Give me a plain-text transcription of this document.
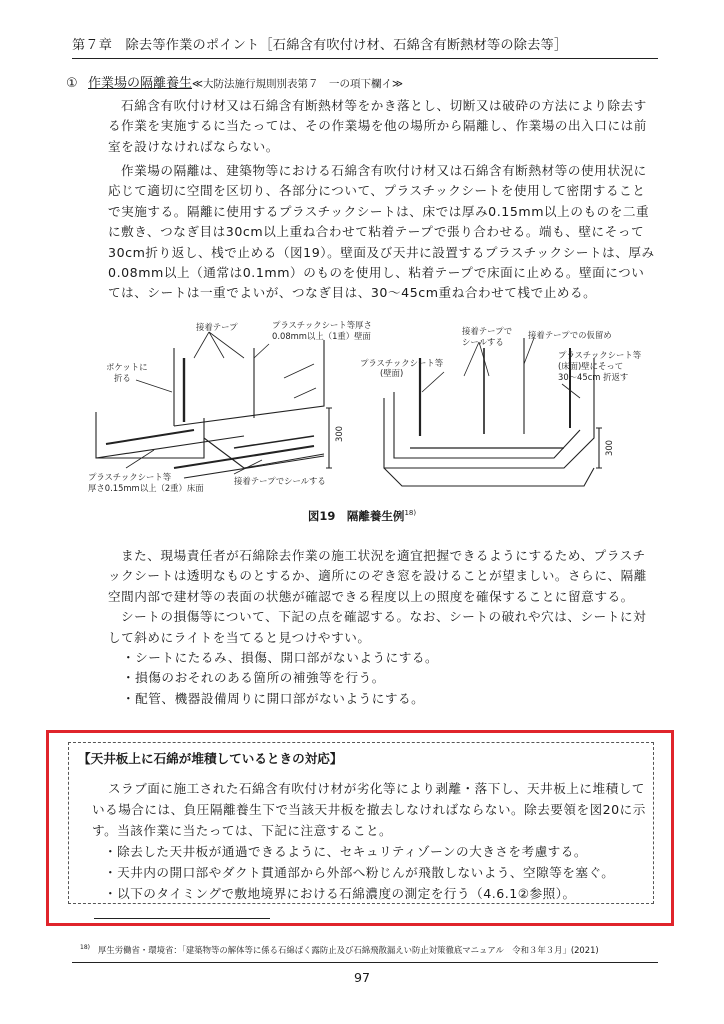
第７章　除去等作業のポイント［石綿含有吹付け材、石綿含有断熱材等の除去等］
① 作業場の隔離養生≪大防法施行規則別表第７　一の項下欄イ≫

石綿含有吹付け材又は石綿含有断熱材等をかき落とし、切断又は破砕の方法により除去する作業を実施するに当たっては、その作業場を他の場所から隔離し、作業場の出入口には前室を設けなければならない。

作業場の隔離は、建築物等における石綿含有吹付け材又は石綿含有断熱材等の使用状況に応じて適切に空間を区切り、各部分について、プラスチックシートを使用して密閉することで実施する。隔離に使用するプラスチックシートは、床では厚み0.15mm以上のものを二重に敷き、つなぎ目は30cm以上重ね合わせて粘着テープで張り合わせる。端も、壁にそって30cm折り返し、桟で止める（図19）。壁面及び天井に設置するプラスチックシートは、厚み0.08mm以上（通常は0.1mm）のものを使用し、粘着テープで床面に止める。壁面については、シートは一重でよいが、つなぎ目は、30～45cm重ね合わせて桟で止める。

接着テープ	プラスチックシート等厚さ
0.08mm以上（1重）壁面
ポケットに
折る
プラスチックシート等
厚さ0.15mm以上（2重）床面
接着テープでシールする
300
接着テープで
シールする
接着テープでの仮留め
プラスチックシート等
(壁面)
プラスチックシート等
(床面)壁にそって
30～45cm 折返す
300
図19　隔離養生例$^{18)}$

また、現場責任者が石綿除去作業の施工状況を適宜把握できるようにするため、プラスチックシートは透明なものとするか、適所にのぞき窓を設けることが望ましい。さらに、隔離空間内部で建材等の表面の状態が確認できる程度以上の照度を確保することに留意する。

シートの損傷等について、下記の点を確認する。なお、シートの破れや穴は、シートに対して斜めにライトを当てると見つけやすい。

・シートにたるみ、損傷、開口部がないようにする。
・損傷のおそれのある箇所の補強等を行う。
・配管、機器設備周りに開口部がないようにする。
【天井板上に石綿が堆積しているときの対応】

スラブ面に施工された石綿含有吹付け材が劣化等により剥離・落下し、天井板上に堆積している場合には、負圧隔離養生下で当該天井板を撤去しなければならない。除去要領を図20に示す。当該作業に当たっては、下記に注意すること。

・除去した天井板が通過できるように、セキュリティゾーンの大きさを考慮する。
・天井内の開口部やダクト貫通部から外部へ粉じんが飛散しないよう、空隙等を塞ぐ。
・以下のタイミングで敷地境界における石綿濃度の測定を行う（4.6.1②参照）。
$^{18)}$ 厚生労働省・環境省：「建築物等の解体等に係る石綿ばく露防止及び石綿飛散漏えい防止対策徹底マニュアル　令和３年３月」(2021)
97
